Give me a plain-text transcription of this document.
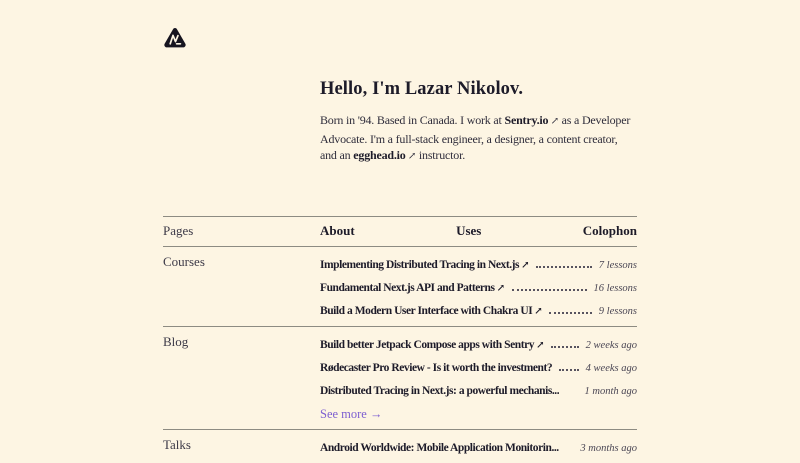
Hello, I'm Lazar Nikolov.

Born in '94. Based in Canada. I work at Sentry.io ↗ as a Developer
Advocate. I'm a full-stack engineer, a designer, a content creator,
and an egghead.io ↗ instructor.

Pages	About	Uses	Colophon
Courses	Implementing Distributed Tracing in Next.js ↗	7 lessons
Fundamental Next.js API and Patterns ↗	16 lessons
Build a Modern User Interface with Chakra UI ↗	9 lessons
Blog	Build better Jetpack Compose apps with Sentry ↗	2 weeks ago
Rødecaster Pro Review - Is it worth the investment?	4 weeks ago
Distributed Tracing in Next.js: a powerful mechanis... 1 month ago
See more →
Talks	Android Worldwide: Mobile Application Monitorin... 3 months ago
